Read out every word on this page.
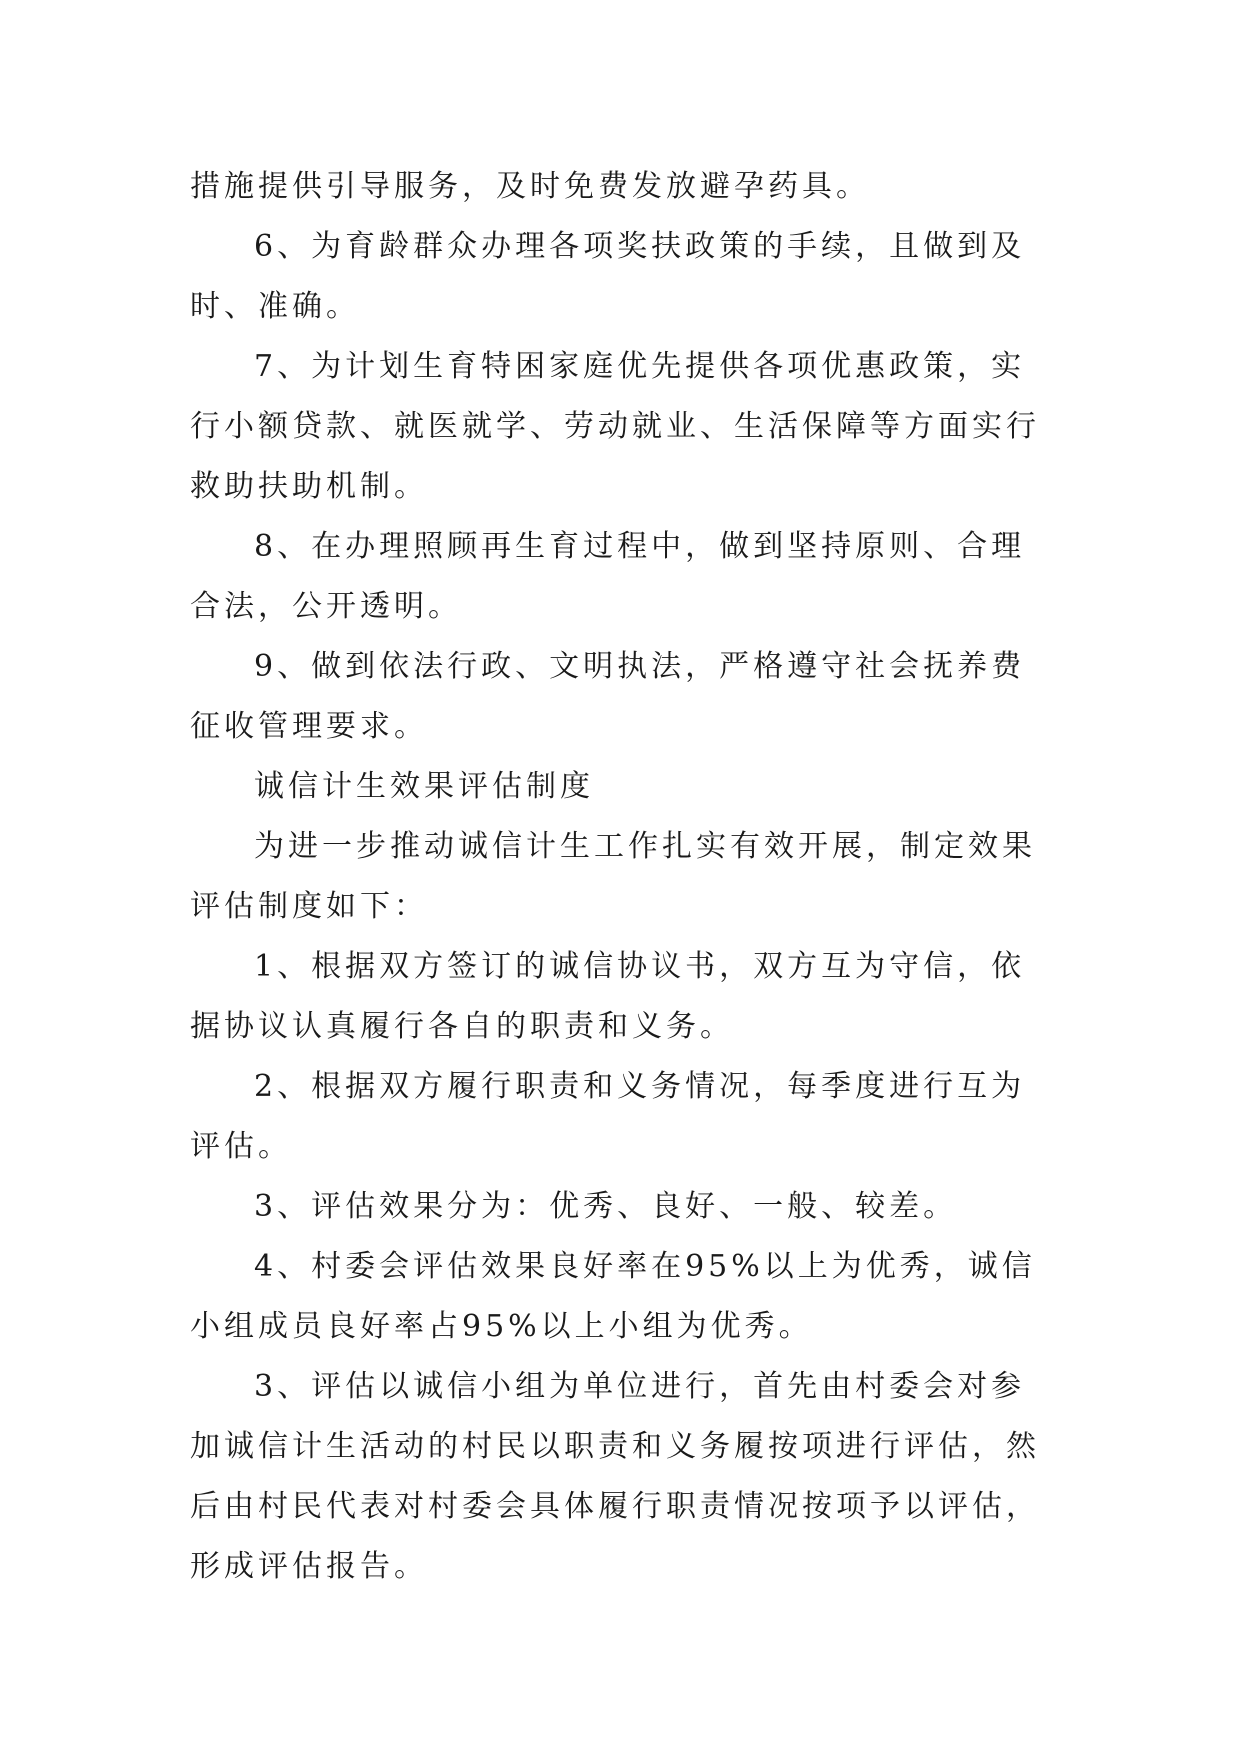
措施提供引导服务，及时免费发放避孕药具。

6、为育龄群众办理各项奖扶政策的手续，且做到及时、准确。

7、为计划生育特困家庭优先提供各项优惠政策，实行小额贷款、就医就学、劳动就业、生活保障等方面实行救助扶助机制。

8、在办理照顾再生育过程中，做到坚持原则、合理合法，公开透明。

9、做到依法行政、文明执法，严格遵守社会抚养费征收管理要求。

诚信计生效果评估制度

为进一步推动诚信计生工作扎实有效开展，制定效果评估制度如下：

1、根据双方签订的诚信协议书，双方互为守信，依据协议认真履行各自的职责和义务。

2、根据双方履行职责和义务情况，每季度进行互为评估。

3、评估效果分为：优秀、良好、一般、较差。

4、村委会评估效果良好率在95%以上为优秀，诚信小组成员良好率占95%以上小组为优秀。

3、评估以诚信小组为单位进行，首先由村委会对参加诚信计生活动的村民以职责和义务履按项进行评估，然后由村民代表对村委会具体履行职责情况按项予以评估，形成评估报告。
